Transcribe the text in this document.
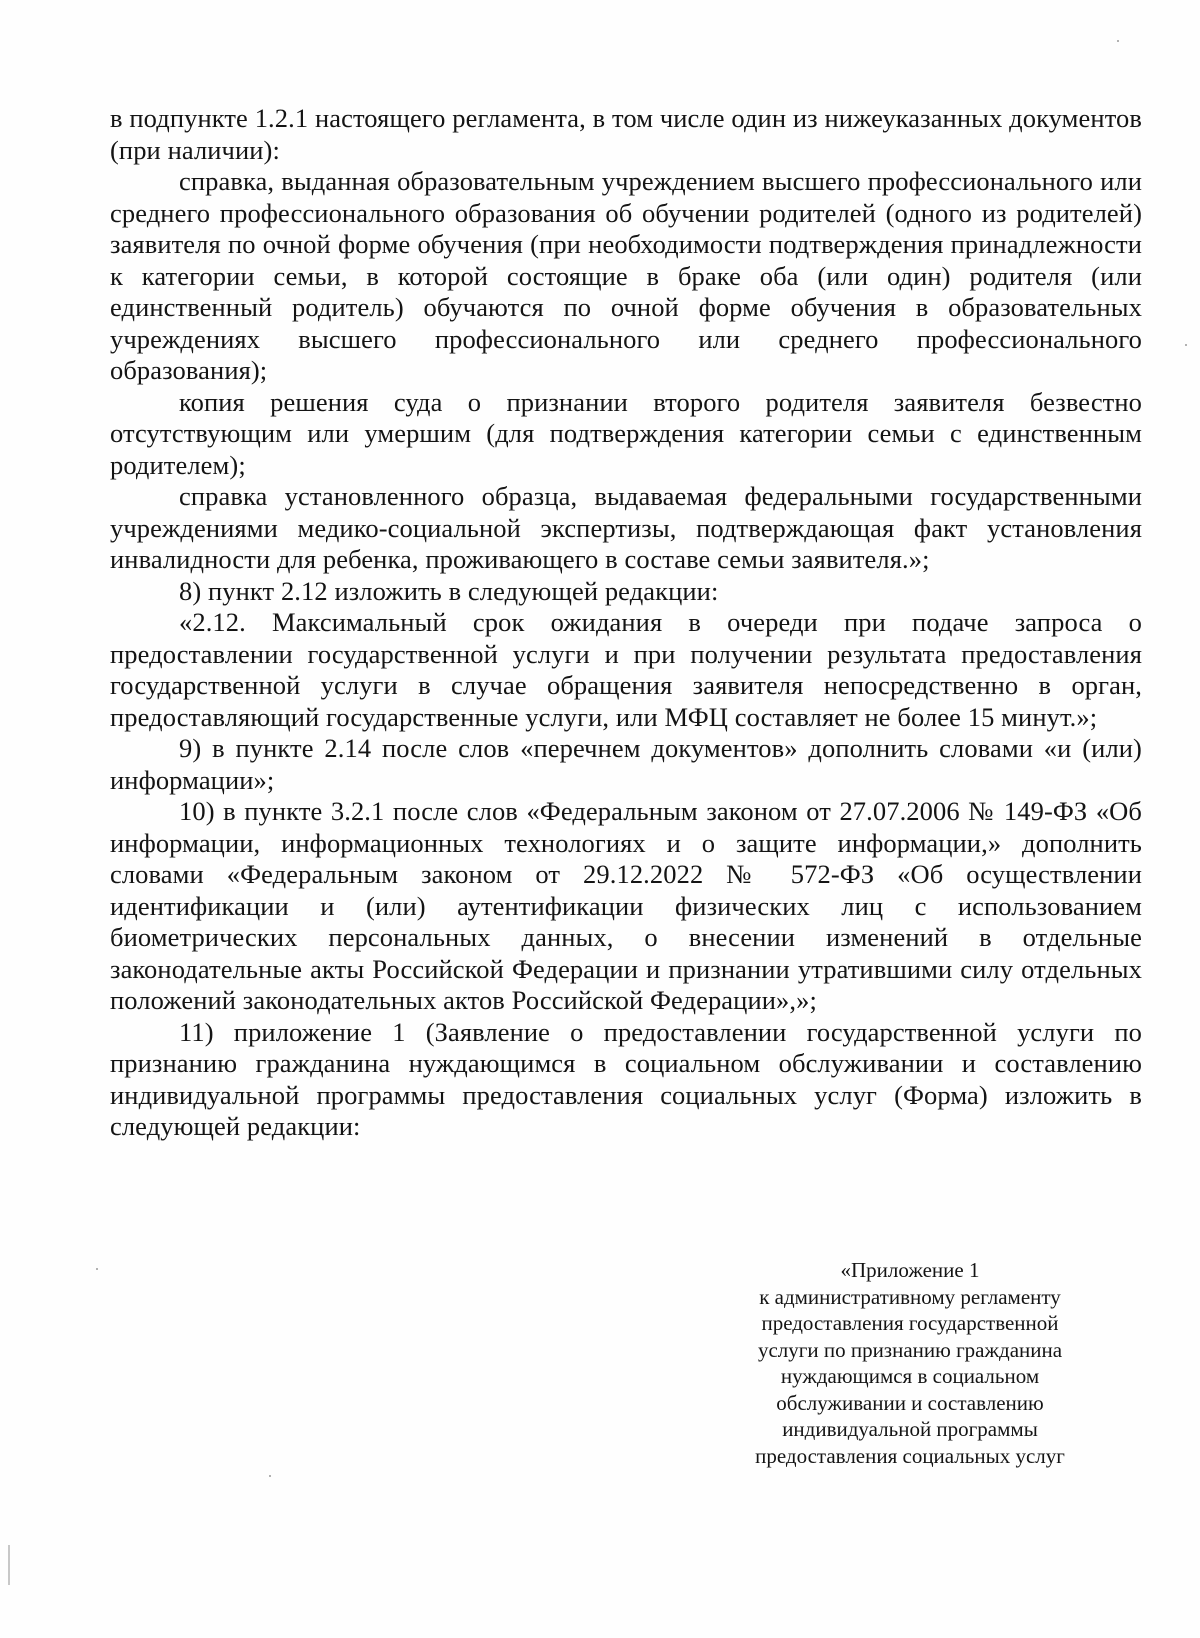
в подпункте 1.2.1 настоящего регламента, в том числе один из нижеуказанных документов (при наличии):

справка, выданная образовательным учреждением высшего профессионального или среднего профессионального образования об обучении родителей (одного из родителей) заявителя по очной форме обучения (при необходимости подтверждения принадлежности к категории семьи, в которой состоящие в браке оба (или один) родителя (или единственный родитель) обучаются по очной форме обучения в образовательных учреждениях высшего профессионального или среднего профессионального образования);

копия решения суда о признании второго родителя заявителя безвестно отсутствующим или умершим (для подтверждения категории семьи с единственным родителем);

справка установленного образца, выдаваемая федеральными государственными учреждениями медико-социальной экспертизы, подтверждающая факт установления инвалидности для ребенка, проживающего в составе семьи заявителя.»;

8) пункт 2.12 изложить в следующей редакции:

«2.12. Максимальный срок ожидания в очереди при подаче запроса о предоставлении государственной услуги и при получении результата предоставления государственной услуги в случае обращения заявителя непосредственно в орган, предоставляющий государственные услуги, или МФЦ составляет не более 15 минут.»;

9) в пункте 2.14 после слов «перечнем документов» дополнить словами «и (или) информации»;

10) в пункте 3.2.1 после слов «Федеральным законом от 27.07.2006 № 149-ФЗ «Об информации, информационных технологиях и о защите информации,» дополнить словами «Федеральным законом от 29.12.2022 № 572-ФЗ «Об осуществлении идентификации и (или) аутентификации физических лиц с использованием биометрических персональных данных, о внесении изменений в отдельные законодательные акты Российской Федерации и признании утратившими силу отдельных положений законодательных актов Российской Федерации»,»;

11) приложение 1 (Заявление о предоставлении государственной услуги по признанию гражданина нуждающимся в социальном обслуживании и составлению индивидуальной программы предоставления социальных услуг (Форма) изложить в следующей редакции:

«Приложение 1
к административному регламенту
предоставления государственной
услуги по признанию гражданина
нуждающимся в социальном
обслуживании и составлению
индивидуальной программы
предоставления социальных услуг
